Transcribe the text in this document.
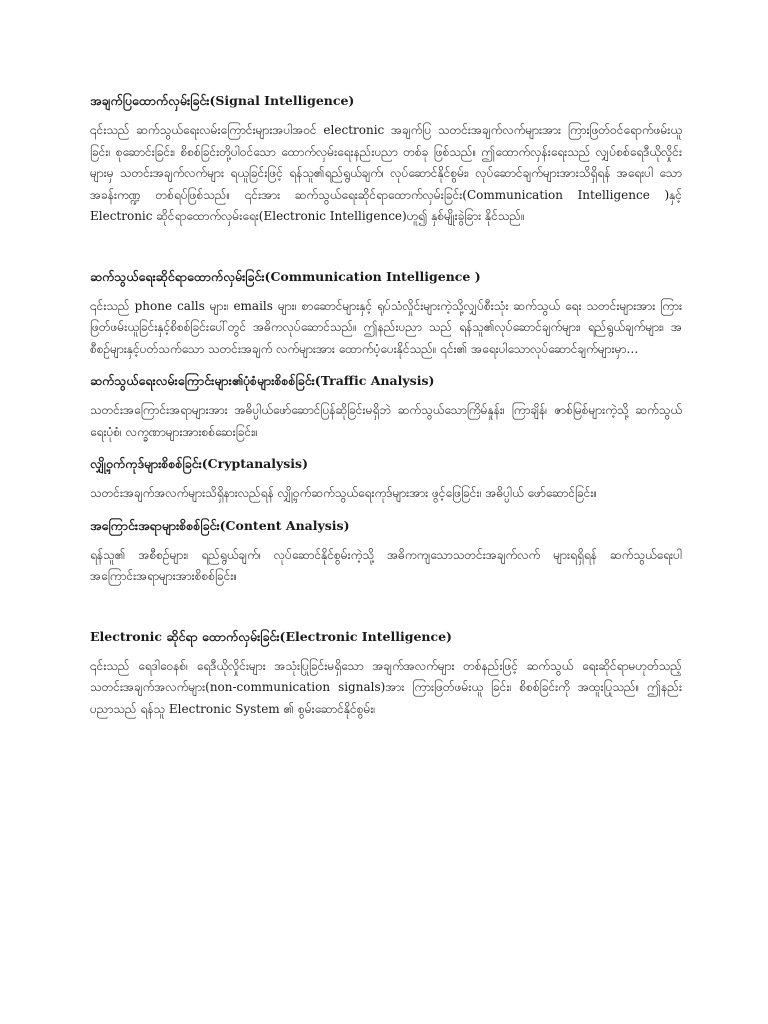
အချက်ပြထောက်လှမ်းခြင်း(Signal Intelligence)

၎င်းသည် ဆက်သွယ်ရေးလမ်းကြောင်းများအပါအဝင် electronic အချက်ပြ သတင်းအချက်လက်များအား ကြားဖြတ်ဝင်ရောက်ဖမ်းယူခြင်း၊ စုဆောင်းခြင်း၊ စိစစ်ခြင်းတို့ပါဝင်သော ထောက်လှမ်းရေးနည်းပညာ တစ်ခု ဖြစ်သည်။ ဤထောက်လှန်းရေးသည် လျှပ်စစ်ရေဒီယိုလှိုင်းများမှ သတင်းအချက်လက်များ ရယူခြင်းဖြင့် ရန်သူ၏ရည်ရွယ်ချက်၊ လုပ်ဆောင်နိုင်စွမ်း၊ လုပ်ဆောင်ချက်များအားသိရှိရန် အရေးပါ သောအခန်းကဏ္ဍ တစ်ရပ်ဖြစ်သည်။ ၎င်းအား ဆက်သွယ်ရေးဆိုင်ရာထောက်လှမ်းခြင်း(Communication Intelligence )နှင့် Electronic ဆိုင်ရာထောက်လှမ်းရေး(Electronic Intelligence)ဟူ၍ နှစ်မျိုးခွဲခြား နိုင်သည်။

ဆက်သွယ်ရေးဆိုင်ရာထောက်လှမ်းခြင်း(Communication Intelligence )

၎င်းသည် phone calls များ၊ emails များ၊ စာဆောင်များနှင့် ရုပ်သံလှိုင်းများကဲ့သို့လျှပ်စီးသုံး ဆက်သွယ် ရေး သတင်းများအား ကြားဖြတ်ဖမ်းယူခြင်းနှင့်စိစစ်ခြင်းပေါ်တွင် အဓိကလုပ်ဆောင်သည်။ ဤနည်းပညာ သည် ရန်သူ၏လုပ်ဆောင်ချက်များ၊ ရည်ရွယ်ချက်များ၊ အစီစဉ်များနှင့်ပတ်သက်သော သတင်းအချက် လက်များအား ထောက်ပံ့ပေးနိုင်သည်။ ၎င်း၏ အရေးပါသောလုပ်ဆောင်ချက်များမှာ…

ဆက်သွယ်ရေးလမ်းကြောင်းများ၏ပုံစံများစိစစ်ခြင်း(Traffic Analysis)

သတင်းအကြောင်းအရာများအား အဓိပ္ပါယ်ဖော်ဆောင်ပြန်ဆိုခြင်းမရှိဘဲ ဆက်သွယ်သောကြိမ်နှုန်း၊ ကြာချိန်၊ ဇာစ်မြစ်များကဲ့သို့ ဆက်သွယ်ရေးပုံစံ၊ လက္ခဏာများအားစစ်ဆေးခြင်း။

လျှို့ဝှက်ကုဒ်များစိစစ်ခြင်း(Cryptanalysis)

သတင်းအချက်အလက်များသိရှိနားလည်ရန် လျှို့ဝှက်ဆက်သွယ်ရေးကုဒ်များအား ဖွင့်ဖြေခြင်း၊ အဓိပ္ပါယ် ဖော်ဆောင်ခြင်း။

အကြောင်းအရာများစိစစ်ခြင်း(Content Analysis)

ရန်သူ၏ အစီစဉ်များ၊ ရည်ရွယ်ချက်၊ လုပ်ဆောင်နိုင်စွမ်းကဲ့သို့ အဓိကကျသောသတင်းအချက်လက် များရရှိရန် ဆက်သွယ်ရေးပါအကြောင်းအရာများအားစိစစ်ခြင်း။

Electronic ဆိုင်ရာ ထောက်လှမ်းခြင်း(Electronic Intelligence)

၎င်းသည် ရေဒါဝေနစ်၊ ရေဒီယိုလှိုင်းများ အသုံးပြုခြင်းမရှိသော အချက်အလက်များ တစ်နည်းဖြင့် ဆက်သွယ် ရေးဆိုင်ရာမဟုတ်သည့် သတင်းအချက်အလက်များ(non-communication signals)အား ကြားဖြတ်ဖမ်းယူ ခြင်း၊ စိစစ်ခြင်းကို အထူးပြုသည်။ ဤနည်းပညာသည် ရန်သူ Electronic System ၏ စွမ်းဆောင်နိုင်စွမ်း၊
